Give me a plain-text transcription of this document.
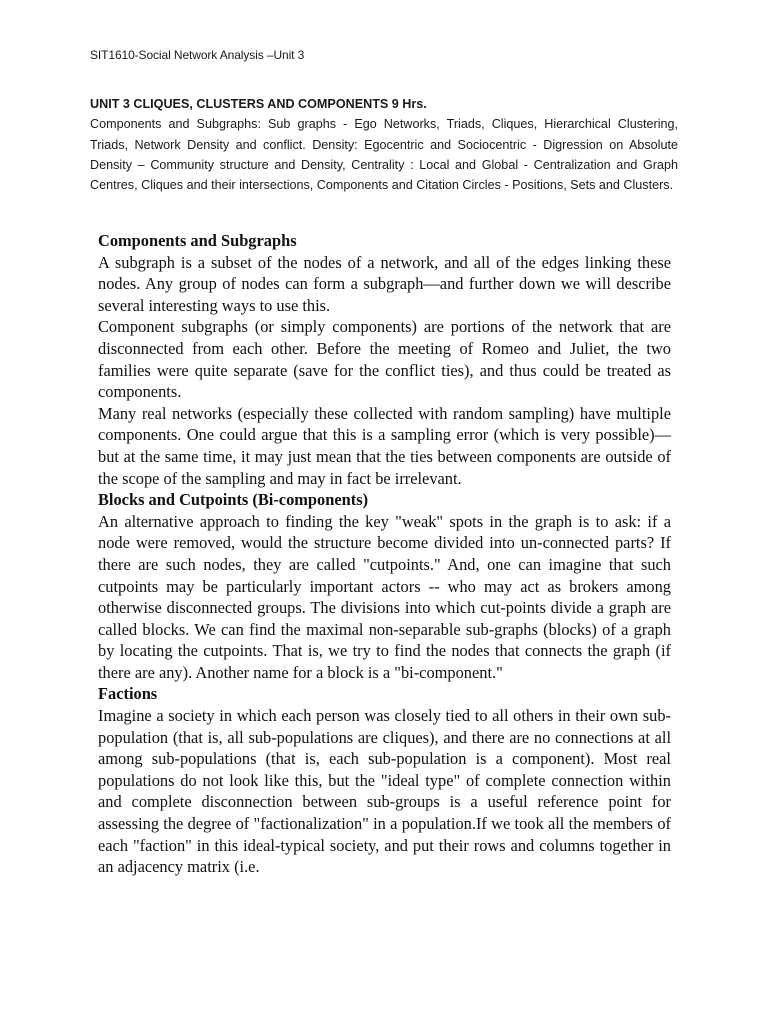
SIT1610-Social Network Analysis –Unit 3
UNIT 3 CLIQUES, CLUSTERS AND COMPONENTS 9 Hrs.
Components and Subgraphs: Sub graphs - Ego Networks, Triads, Cliques, Hierarchical Clustering, Triads, Network Density and conflict. Density: Egocentric and Sociocentric - Digression on Absolute Density – Community structure and Density, Centrality : Local and Global - Centralization and Graph Centres, Cliques and their intersections, Components and Citation Circles - Positions, Sets and Clusters.
Components and Subgraphs

A subgraph is a subset of the nodes of a network, and all of the edges linking these nodes. Any group of nodes can form a subgraph—and further down we will describe several interesting ways to use this.

Component subgraphs (or simply components) are portions of the network that are disconnected from each other. Before the meeting of Romeo and Juliet, the two families were quite separate (save for the conflict ties), and thus could be treated as components.

Many real networks (especially these collected with random sampling) have multiple components. One could argue that this is a sampling error (which is very possible)—but at the same time, it may just mean that the ties between components are outside of the scope of the sampling and may in fact be irrelevant.

Blocks and Cutpoints (Bi-components)

An alternative approach to finding the key "weak" spots in the graph is to ask: if a node were removed, would the structure become divided into un-connected parts? If there are such nodes, they are called "cutpoints." And, one can imagine that such cutpoints may be particularly important actors -- who may act as brokers among otherwise disconnected groups. The divisions into which cut-points divide a graph are called blocks. We can find the maximal non-separable sub-graphs (blocks) of a graph by locating the cutpoints. That is, we try to find the nodes that connects the graph (if there are any). Another name for a block is a "bi-component."

Factions

Imagine a society in which each person was closely tied to all others in their own sub-population (that is, all sub-populations are cliques), and there are no connections at all among sub-populations (that is, each sub-population is a component). Most real populations do not look like this, but the "ideal type" of complete connection within and complete disconnection between sub-groups is a useful reference point for assessing the degree of "factionalization" in a population.If we took all the members of each "faction" in this ideal-typical society, and put their rows and columns together in an adjacency matrix (i.e.
